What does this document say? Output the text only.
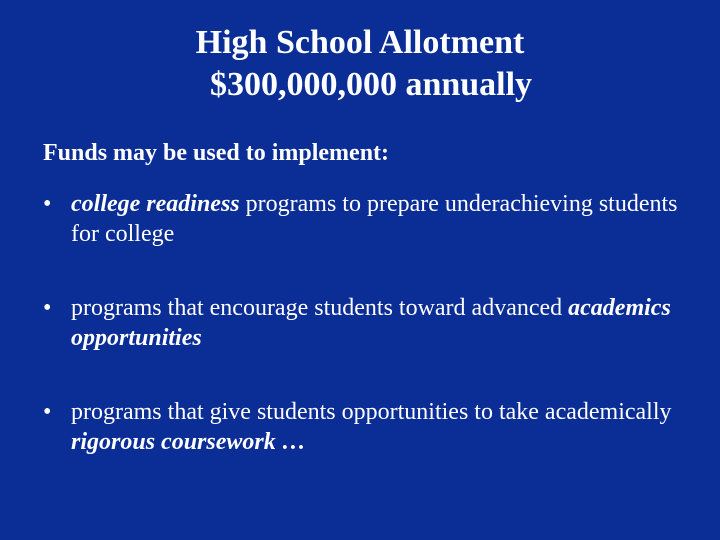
High School Allotment
$300,000,000 annually
Funds may be used to implement:
• college readiness programs to prepare underachieving students for college
• programs that encourage students toward advanced academics opportunities
• programs that give students opportunities to take academically rigorous coursework …
